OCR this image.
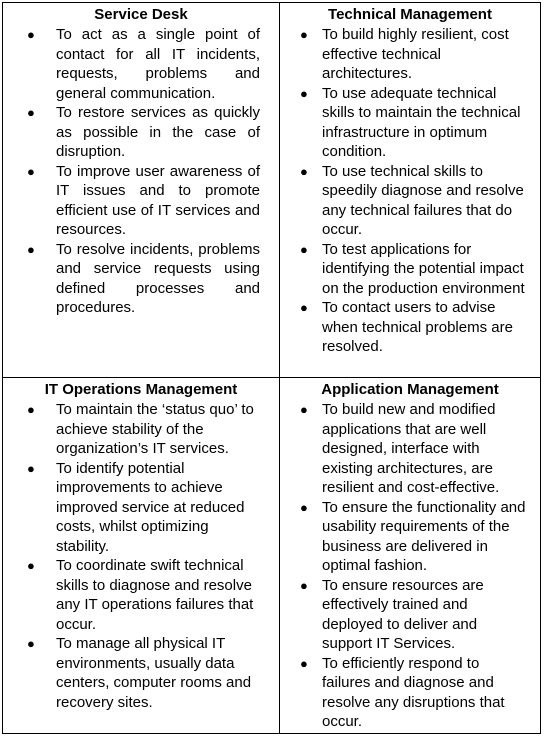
Service Desk
● To act as a single point of contact for all IT incidents, requests, problems and general communication.
● To restore services as quickly as possible in the case of disruption.
● To improve user awareness of IT issues and to promote efficient use of IT services and resources.
● To resolve incidents, problems and service requests using defined processes and procedures.
Technical Management
● To build highly resilient, cost effective technical architectures.
● To use adequate technical skills to maintain the technical infrastructure in optimum condition.
● To use technical skills to speedily diagnose and resolve any technical failures that do occur.
● To test applications for identifying the potential impact on the production environment
● To contact users to advise when technical problems are resolved.
IT Operations Management
● To maintain the ‘status quo’ to achieve stability of the organization’s IT services.
● To identify potential improvements to achieve improved service at reduced costs, whilst optimizing stability.
● To coordinate swift technical skills to diagnose and resolve any IT operations failures that occur.
● To manage all physical IT environments, usually data centers, computer rooms and recovery sites.
Application Management
● To build new and modified applications that are well designed, interface with existing architectures, are resilient and cost-effective.
● To ensure the functionality and usability requirements of the business are delivered in optimal fashion.
● To ensure resources are effectively trained and deployed to deliver and support IT Services.
● To efficiently respond to failures and diagnose and resolve any disruptions that occur.
